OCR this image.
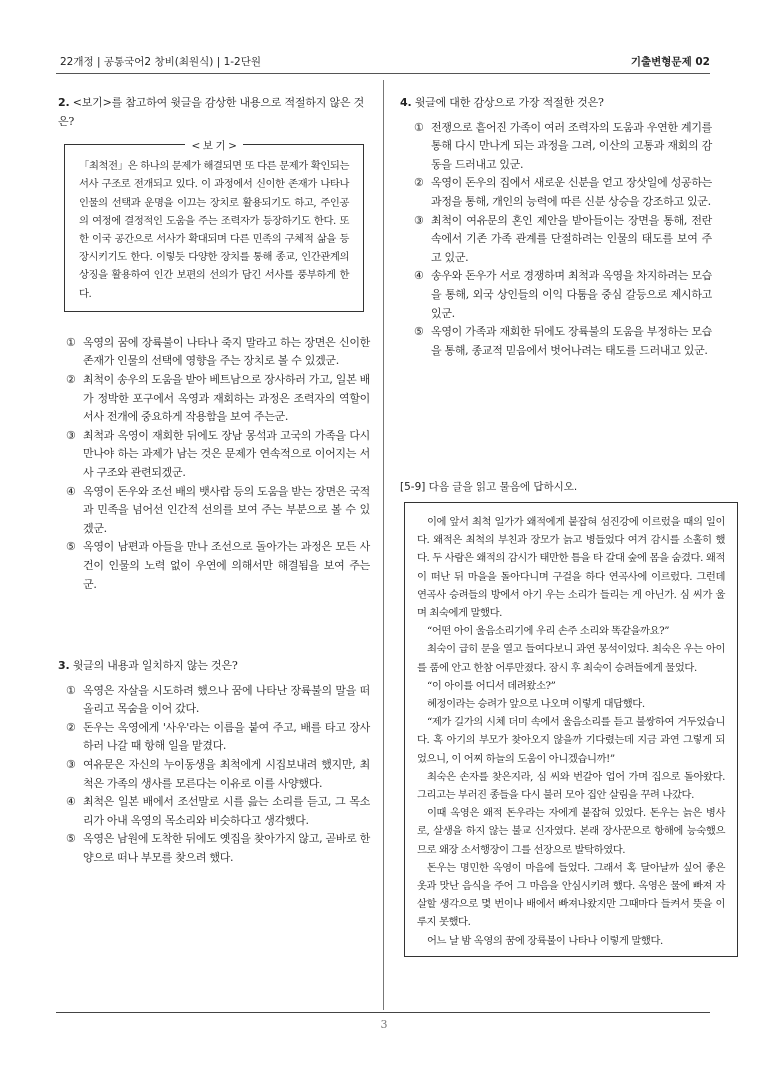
22개정 | 공통국어2 창비(최원식) | 1-2단원	기출변형문제 02
2. <보기>를 참고하여 윗글을 감상한 내용으로 적절하지 않은 것은?
< 보 기 >
「최척전」은 하나의 문제가 해결되면 또 다른 문제가 확인되는 서사 구조로 전개되고 있다. 이 과정에서 신이한 존재가 나타나 인물의 선택과 운명을 이끄는 장치로 활용되기도 하고, 주인공의 여정에 결정적인 도움을 주는 조력자가 등장하기도 한다. 또한 이국 공간으로 서사가 확대되며 다른 민족의 구체적 삶을 등장시키기도 한다. 이렇듯 다양한 장치를 통해 종교, 인간관계의 상징을 활용하여 인간 보편의 선의가 담긴 서사를 풍부하게 한다.
① 옥영의 꿈에 장륙불이 나타나 죽지 말라고 하는 장면은 신이한 존재가 인물의 선택에 영향을 주는 장치로 볼 수 있겠군.
② 최척이 송우의 도움을 받아 베트남으로 장사하러 가고, 일본 배가 정박한 포구에서 옥영과 재회하는 과정은 조력자의 역할이 서사 전개에 중요하게 작용함을 보여 주는군.
③ 최척과 옥영이 재회한 뒤에도 장남 몽석과 고국의 가족을 다시 만나야 하는 과제가 남는 것은 문제가 연속적으로 이어지는 서사 구조와 관련되겠군.
④ 옥영이 돈우와 조선 배의 뱃사람 등의 도움을 받는 장면은 국적과 민족을 넘어선 인간적 선의를 보여 주는 부분으로 볼 수 있겠군.
⑤ 옥영이 남편과 아들을 만나 조선으로 돌아가는 과정은 모든 사건이 인물의 노력 없이 우연에 의해서만 해결됨을 보여 주는 군.
3. 윗글의 내용과 일치하지 않는 것은?
① 옥영은 자살을 시도하려 했으나 꿈에 나타난 장륙불의 말을 떠올리고 목숨을 이어 갔다.
② 돈우는 옥영에게 '사우'라는 이름을 붙여 주고, 배를 타고 장사하러 나갈 때 항해 일을 맡겼다.
③ 여유문은 자신의 누이동생을 최척에게 시집보내려 했지만, 최척은 가족의 생사를 모른다는 이유로 이를 사양했다.
④ 최척은 일본 배에서 조선말로 시를 읊는 소리를 듣고, 그 목소리가 아내 옥영의 목소리와 비슷하다고 생각했다.
⑤ 옥영은 남원에 도착한 뒤에도 옛집을 찾아가지 않고, 곧바로 한양으로 떠나 부모를 찾으려 했다.
4. 윗글에 대한 감상으로 가장 적절한 것은?
① 전쟁으로 흩어진 가족이 여러 조력자의 도움과 우연한 계기를 통해 다시 만나게 되는 과정을 그려, 이산의 고통과 재회의 감동을 드러내고 있군.
② 옥영이 돈우의 집에서 새로운 신분을 얻고 장삿일에 성공하는 과정을 통해, 개인의 능력에 따른 신분 상승을 강조하고 있군.
③ 최척이 여유문의 혼인 제안을 받아들이는 장면을 통해, 전란 속에서 기존 가족 관계를 단절하려는 인물의 태도를 보여 주고 있군.
④ 송우와 돈우가 서로 경쟁하며 최척과 옥영을 차지하려는 모습을 통해, 외국 상인들의 이익 다툼을 중심 갈등으로 제시하고 있군.
⑤ 옥영이 가족과 재회한 뒤에도 장륙불의 도움을 부정하는 모습을 통해, 종교적 믿음에서 벗어나려는 태도를 드러내고 있군.
[5-9] 다음 글을 읽고 물음에 답하시오.

이에 앞서 최척 일가가 왜적에게 붙잡혀 섬진강에 이르렀을 때의 일이다. 왜적은 최척의 부친과 장모가 늙고 병들었다 여겨 감시를 소홀히 했다. 두 사람은 왜적의 감시가 태만한 틈을 타 갈대 숲에 몸을 숨겼다. 왜적이 떠난 뒤 마을을 돌아다니며 구걸을 하다 연곡사에 이르렀다. 그런데 연곡사 승려들의 방에서 아기 우는 소리가 들리는 게 아닌가. 심 씨가 울며 최숙에게 말했다.

“어떤 아이 울음소리기에 우리 손주 소리와 똑같을까요?”

최숙이 급히 문을 열고 들여다보니 과연 몽석이었다. 최숙은 우는 아이를 품에 안고 한참 어루만졌다. 잠시 후 최숙이 승려들에게 물었다.

“이 아이를 어디서 데려왔소?”

혜정이라는 승려가 앞으로 나오며 이렇게 대답했다.

“제가 길가의 시체 더미 속에서 울음소리를 듣고 불쌍하여 거두었습니다. 혹 아기의 부모가 찾아오지 않을까 기다렸는데 지금 과연 그렇게 되었으니, 이 어찌 하늘의 도움이 아니겠습니까!”

최숙은 손자를 찾은지라, 심 씨와 번갈아 업어 가며 집으로 돌아왔다. 그리고는 부러진 종들을 다시 불러 모아 집안 살림을 꾸려 나갔다.

이때 옥영은 왜적 돈우라는 자에게 붙잡혀 있었다. 돈우는 늙은 병사로, 살생을 하지 않는 불교 신자였다. 본래 장사꾼으로 항해에 능숙했으므로 왜장 소서행장이 그를 선장으로 발탁하였다.

돈우는 명민한 옥영이 마음에 들었다. 그래서 혹 달아날까 싶어 좋은 옷과 맛난 음식을 주어 그 마음을 안심시키려 했다. 옥영은 물에 빠져 자살할 생각으로 몇 번이나 배에서 빠져나왔지만 그때마다 들켜서 뜻을 이루지 못했다.

어느 날 밤 옥영의 꿈에 장륙불이 나타나 이렇게 말했다.

3
